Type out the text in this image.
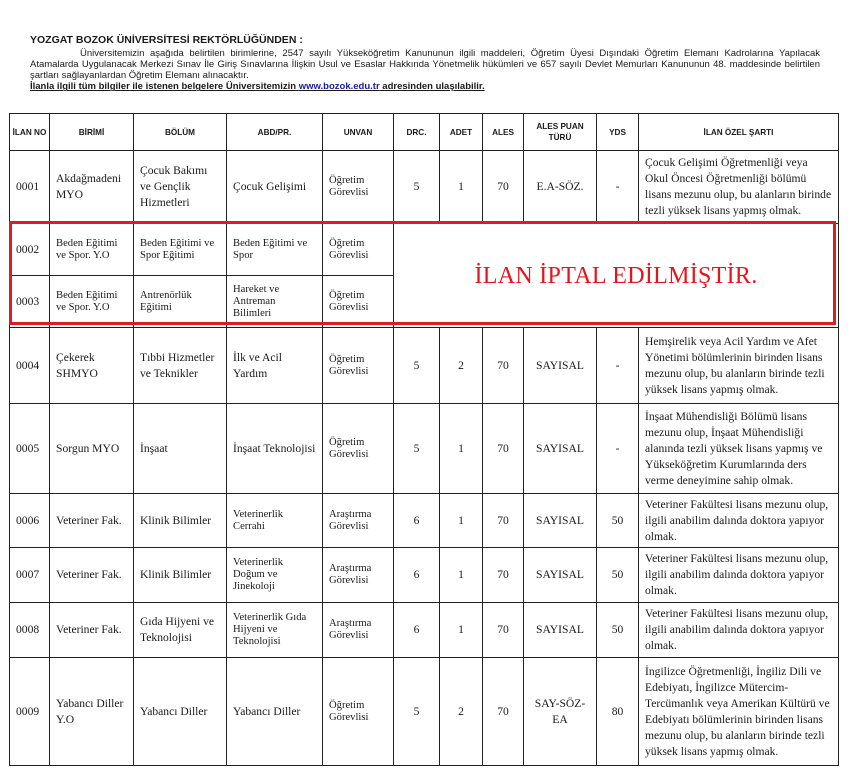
YOZGAT BOZOK ÜNİVERSİTESİ REKTÖRLÜĞÜNDEN :

Üniversitemizin aşağıda belirtilen birimlerine, 2547 sayılı Yükseköğretim Kanununun ilgili maddeleri, Öğretim Üyesi Dışındaki Öğretim Elemanı Kadrolarına Yapılacak Atamalarda Uygulanacak Merkezi Sınav İle Giriş Sınavlarına İlişkin Usul ve Esaslar Hakkında Yönetmelik hükümleri ve 657 sayılı Devlet Memurları Kanununun 48. maddesinde belirtilen şartları sağlayanlardan Öğretim Elemanı alınacaktır.

İlanla ilgili tüm bilgiler ile istenen belgelere Üniversitemizin www.bozok.edu.tr adresinden ulaşılabilir.
İLAN NO	BİRİMİ	BÖLÜM	ABD/PR.	UNVAN	DRC.	ADET	ALES	ALES PUAN TÜRÜ	YDS	İLAN ÖZEL ŞARTI
0001	Akdağmadeni MYO	Çocuk Bakımı ve Gençlik Hizmetleri	Çocuk Gelişimi	Öğretim Görevlisi	5	1	70	E.A-SÖZ.	-	Çocuk Gelişimi Öğretmenliği veya Okul Öncesi Öğretmenliği bölümü lisans mezunu olup, bu alanların birinde tezli yüksek lisans yapmış olmak.
0002	Beden Eğitimi ve Spor. Y.O	Beden Eğitimi ve Spor Eğitimi	Beden Eğitimi ve Spor	Öğretim Görevlisi	İLAN İPTAL EDİLMİŞTİR.					
0003	Beden Eğitimi ve Spor. Y.O	Antrenörlük Eğitimi	Hareket ve Antreman Bilimleri	Öğretim Görevlisi						
0004	Çekerek SHMYO	Tıbbi Hizmetler ve Teknikler	İlk ve Acil Yardım	Öğretim Görevlisi	5	2	70	SAYISAL	-	Hemşirelik veya Acil Yardım ve Afet Yönetimi bölümlerinin birinden lisans mezunu olup, bu alanların birinde tezli yüksek lisans yapmış olmak.
0005	Sorgun MYO	İnşaat	İnşaat Teknolojisi	Öğretim Görevlisi	5	1	70	SAYISAL	-	İnşaat Mühendisliği Bölümü lisans mezunu olup, İnşaat Mühendisliği alanında tezli yüksek lisans yapmış ve Yükseköğretim Kurumlarında ders verme deneyimine sahip olmak.
0006	Veteriner Fak.	Klinik Bilimler	Veterinerlik Cerrahi	Araştırma Görevlisi	6	1	70	SAYISAL	50	Veteriner Fakültesi lisans mezunu olup, ilgili anabilim dalında doktora yapıyor olmak.
0007	Veteriner Fak.	Klinik Bilimler	Veterinerlik Doğum ve Jinekoloji	Araştırma Görevlisi	6	1	70	SAYISAL	50	Veteriner Fakültesi lisans mezunu olup, ilgili anabilim dalında doktora yapıyor olmak.
0008	Veteriner Fak.	Gıda Hijyeni ve Teknolojisi	Veterinerlik Gıda Hijyeni ve Teknolojisi	Araştırma Görevlisi	6	1	70	SAYISAL	50	Veteriner Fakültesi lisans mezunu olup, ilgili anabilim dalında doktora yapıyor olmak.
0009	Yabancı Diller Y.O	Yabancı Diller	Yabancı Diller	Öğretim Görevlisi	5	2	70	SAY-SÖZ-EA	80	İngilizce Öğretmenliği, İngiliz Dili ve Edebiyatı, İngilizce Mütercim-Tercümanlık veya Amerikan Kültürü ve Edebiyatı bölümlerinin birinden lisans mezunu olup, bu alanların birinde tezli yüksek lisans yapmış olmak.
